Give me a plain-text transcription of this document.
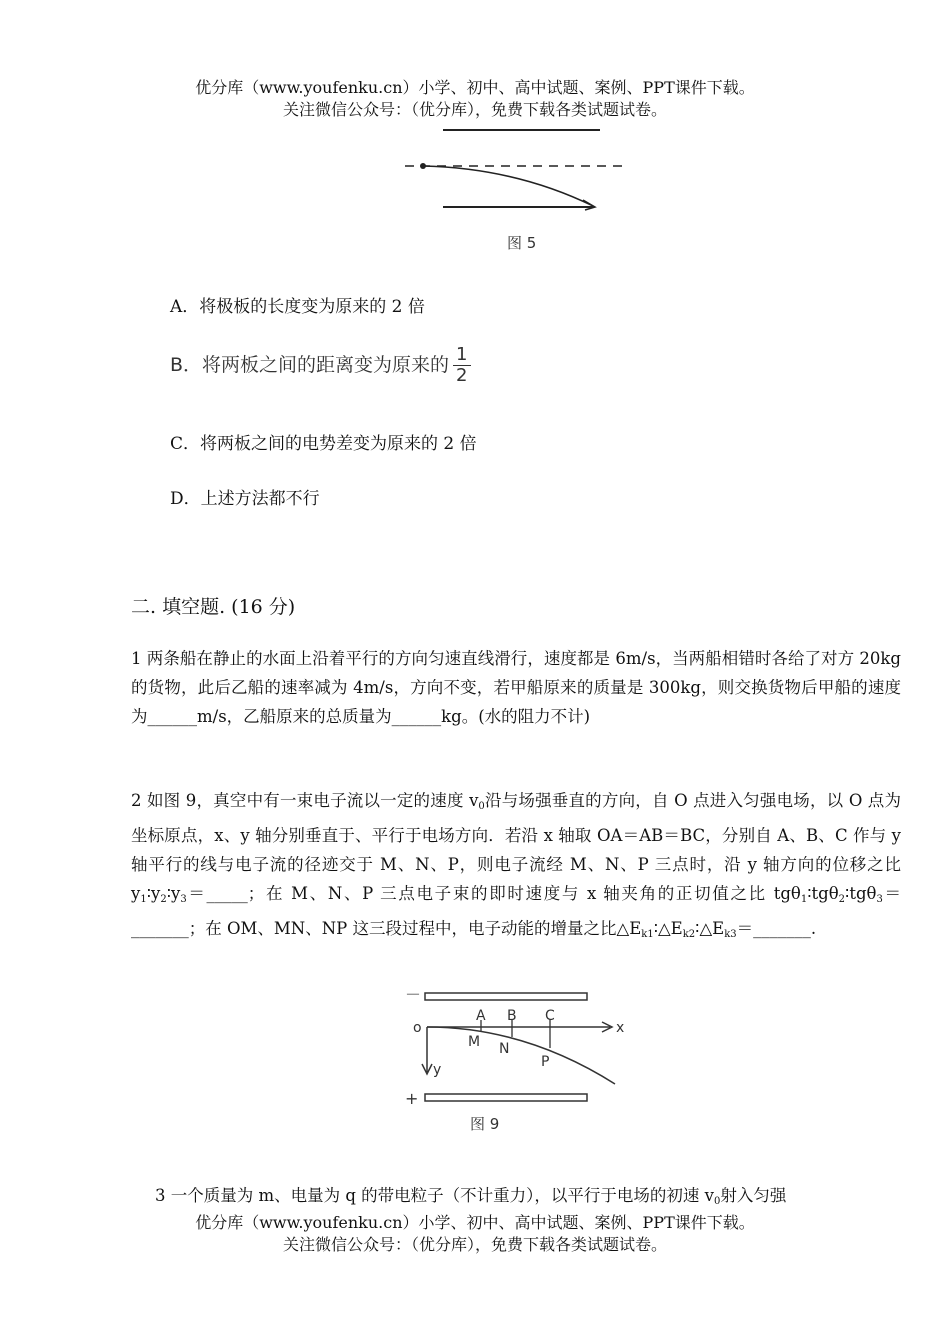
优分库（www.youfenku.cn）小学、初中、高中试题、案例、PPT课件下载。
关注微信公众号：（优分库），免费下载各类试题试卷。
图 5
A．将极板的长度变为原来的 2 倍
B．将两板之间的距离变为原来的 $\frac{1}{2}$
C．将两板之间的电势差变为原来的 2 倍
D．上述方法都不行
二. 填空题. (16 分)
1 两条船在静止的水面上沿着平行的方向匀速直线滑行，速度都是 6m/s，当两船相错时各给了对方 20kg 的货物，此后乙船的速率减为 4m/s，方向不变，若甲船原来的质量是 300kg，则交换货物后甲船的速度为______m/s，乙船原来的总质量为______kg。(水的阻力不计)
2 如图 9，真空中有一束电子流以一定的速度 $v_0$沿与场强垂直的方向，自 O 点进入匀强电场，以 O 点为坐标原点，x、y 轴分别垂直于、平行于电场方向．若沿 x 轴取 OA＝AB＝BC，分别自 A、B、C 作与 y 轴平行的线与电子流的径迹交于 M、N、P，则电子流经 M、N、P 三点时，沿 y 轴方向的位移之比 $y_1∶y_2∶y_3=\_\_\_\_\_$；在 M、N、P 三点电子束的即时速度与 x 轴夹角的正切值之比 tgθ$_1$∶tgθ$_2$∶tgθ$_3$＝_______；在 OM、MN、NP 这三段过程中，电子动能的增量之比$\triangle E_{k1}∶\triangle E_{k2}∶\triangle E_{k3}=\_\_\_\_\_\_\_$.
－
o	x
y
A B C
M N
P
+
图 9
3 一个质量为 m、电量为 q 的带电粒子（不计重力），以平行于电场的初速 $v_0$射入匀强
优分库（www.youfenku.cn）小学、初中、高中试题、案例、PPT课件下载。
关注微信公众号：（优分库），免费下载各类试题试卷。
